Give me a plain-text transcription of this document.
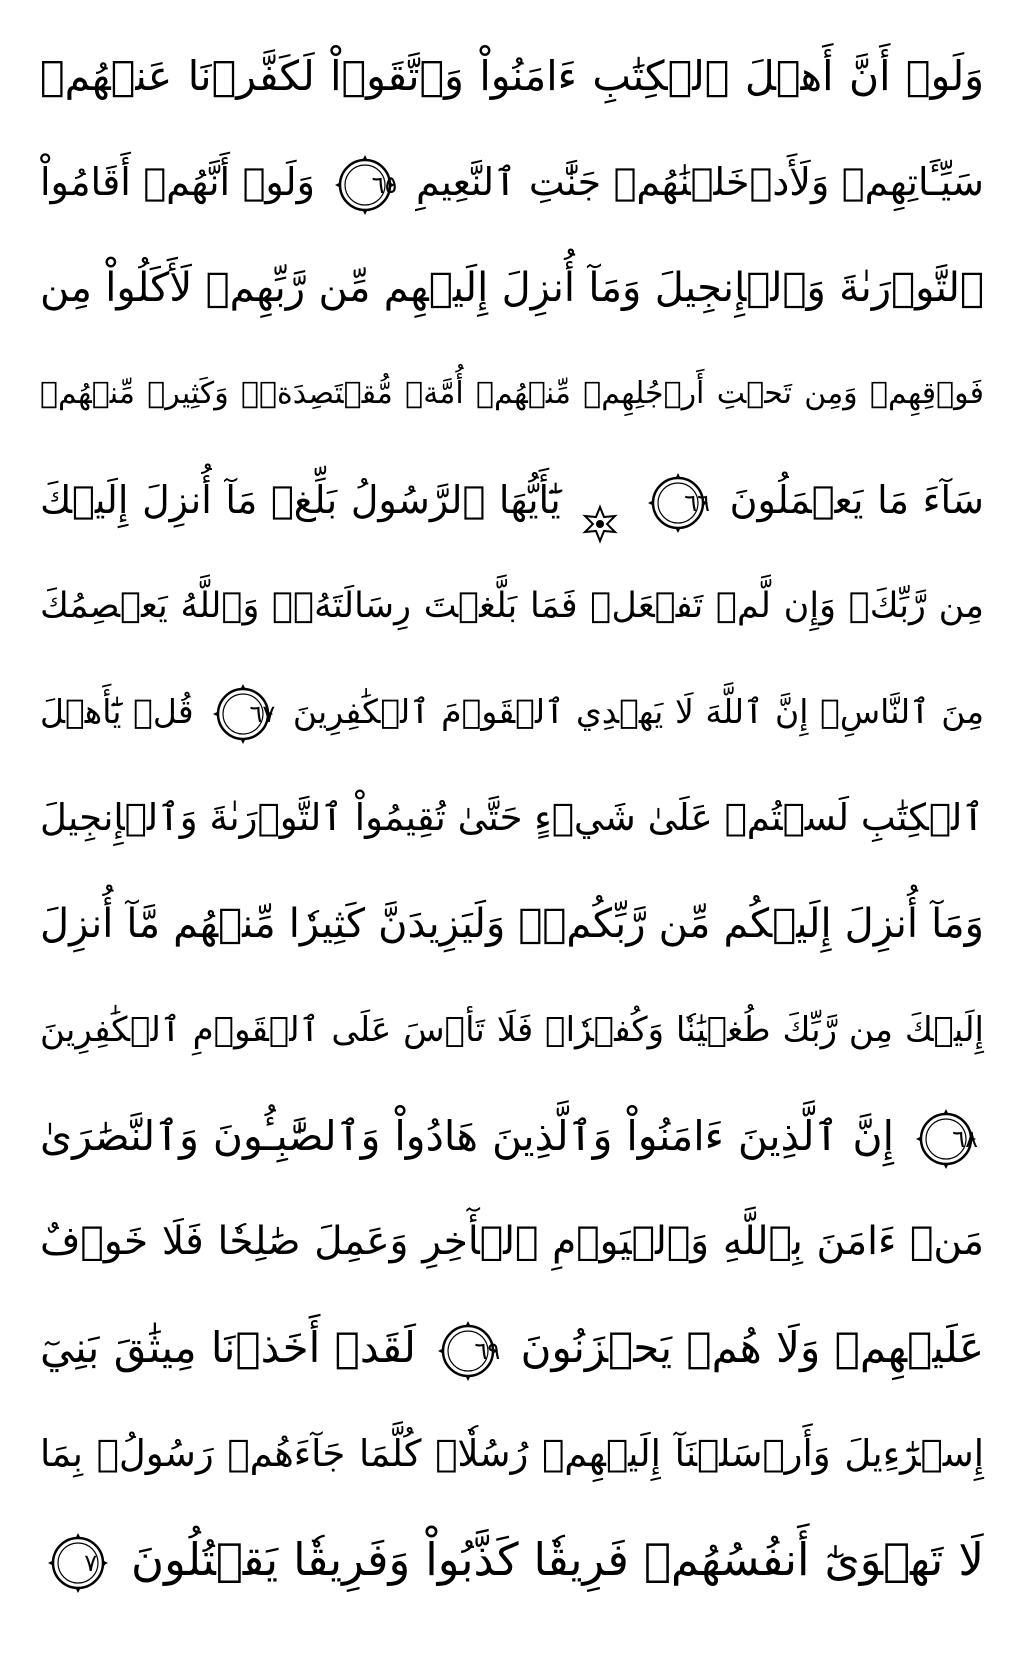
وَلَوۡ أَنَّ أَهۡلَ ٱلۡكِتَٰبِ ءَامَنُواْ وَٱتَّقَوۡاْ لَكَفَّرۡنَا عَنۡهُمۡ
سَيِّـَٔاتِهِمۡ وَلَأَدۡخَلۡنَٰهُمۡ جَنَّٰتِ ٱلنَّعِيمِ
٦٥
وَلَوۡ أَنَّهُمۡ أَقَامُواْ
ٱلتَّوۡرَىٰةَ وَٱلۡإِنجِيلَ وَمَآ أُنزِلَ إِلَيۡهِم مِّن رَّبِّهِمۡ لَأَكَلُواْ مِن
فَوۡقِهِمۡ وَمِن تَحۡتِ أَرۡجُلِهِمۚ مِّنۡهُمۡ أُمَّةٞ مُّقۡتَصِدَةٞۖ وَكَثِيرٞ مِّنۡهُمۡ
سَآءَ مَا يَعۡمَلُونَ
٦٦
يَٰٓأَيُّهَا ٱلرَّسُولُ بَلِّغۡ مَآ أُنزِلَ إِلَيۡكَ
مِن رَّبِّكَۖ وَإِن لَّمۡ تَفۡعَلۡ فَمَا بَلَّغۡتَ رِسَالَتَهُۥۚ وَٱللَّهُ يَعۡصِمُكَ
مِنَ ٱلنَّاسِۗ إِنَّ ٱللَّهَ لَا يَهۡدِي ٱلۡقَوۡمَ ٱلۡكَٰفِرِينَ
٦٧
قُلۡ يَٰٓأَهۡلَ
ٱلۡكِتَٰبِ لَسۡتُمۡ عَلَىٰ شَيۡءٍ حَتَّىٰ تُقِيمُواْ ٱلتَّوۡرَىٰةَ وَٱلۡإِنجِيلَ
وَمَآ أُنزِلَ إِلَيۡكُم مِّن رَّبِّكُمۡۗ وَلَيَزِيدَنَّ كَثِيرٗا مِّنۡهُم مَّآ أُنزِلَ
إِلَيۡكَ مِن رَّبِّكَ طُغۡيَٰنٗا وَكُفۡرٗاۖ فَلَا تَأۡسَ عَلَى ٱلۡقَوۡمِ ٱلۡكَٰفِرِينَ
٦٨
إِنَّ ٱلَّذِينَ ءَامَنُواْ وَٱلَّذِينَ هَادُواْ وَٱلصَّٰبِـُٔونَ وَٱلنَّصَٰرَىٰ
مَنۡ ءَامَنَ بِٱللَّهِ وَٱلۡيَوۡمِ ٱلۡأٓخِرِ وَعَمِلَ صَٰلِحٗا فَلَا خَوۡفٌ
عَلَيۡهِمۡ وَلَا هُمۡ يَحۡزَنُونَ
٦٩
لَقَدۡ أَخَذۡنَا مِيثَٰقَ بَنِيٓ
إِسۡرَٰٓءِيلَ وَأَرۡسَلۡنَآ إِلَيۡهِمۡ رُسُلٗاۖ كُلَّمَا جَآءَهُمۡ رَسُولُۢ بِمَا
لَا تَهۡوَىٰٓ أَنفُسُهُمۡ فَرِيقٗا كَذَّبُواْ وَفَرِيقٗا يَقۡتُلُونَ
٧٠
